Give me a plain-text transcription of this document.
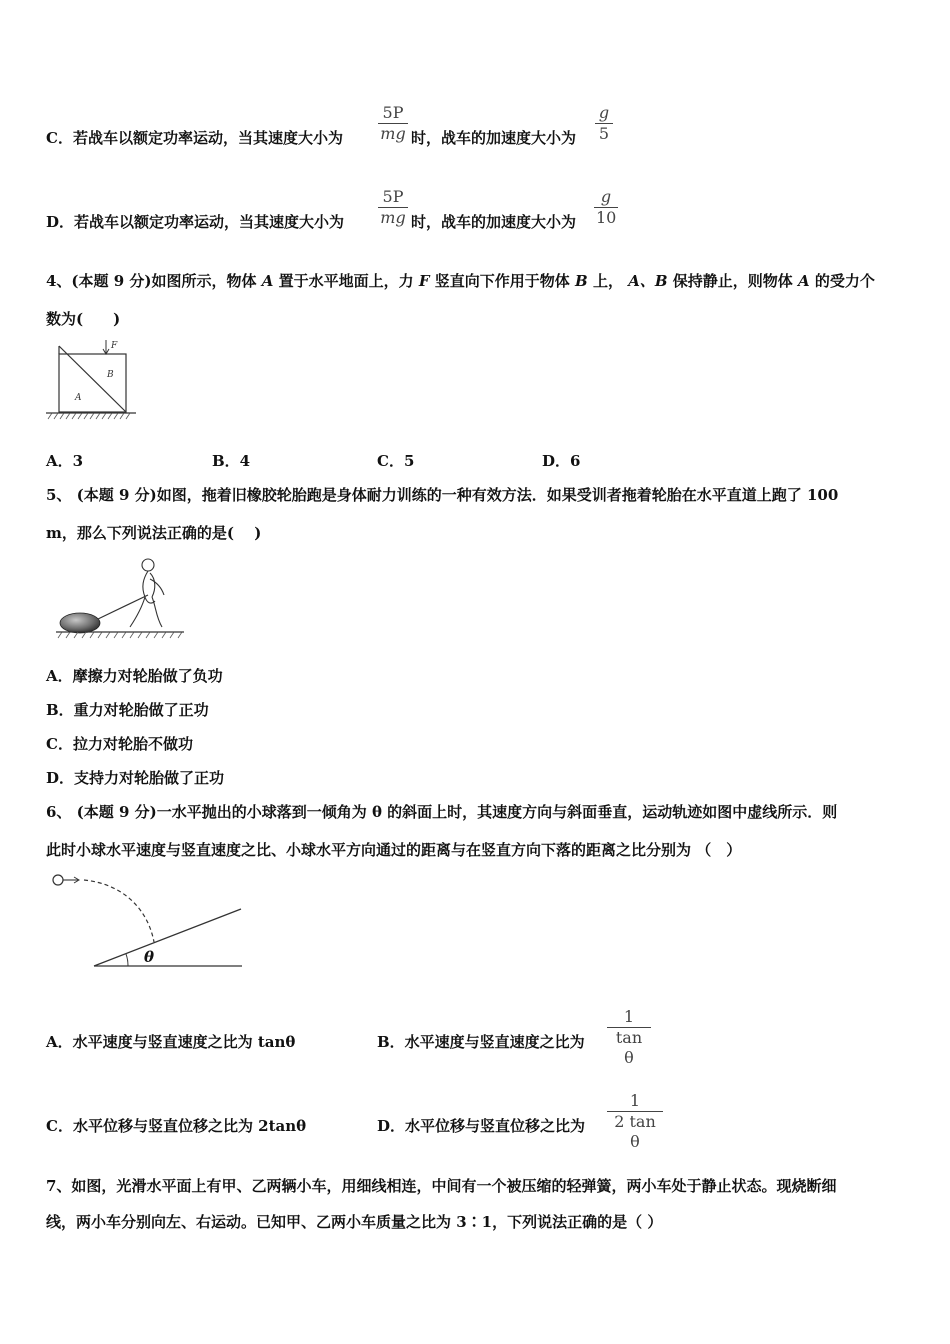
C．若战车以额定功率运动，当其速度大小为 $\frac{5P}{mg}$ 时，战车的加速度大小为 $\frac{g}{5}$
D．若战车以额定功率运动，当其速度大小为 $\frac{5P}{mg}$ 时，战车的加速度大小为 $\frac{g}{10}$
4、(本题 9 分)如图所示，物体 A 置于水平地面上，力 F 竖直向下作用于物体 B 上， A、B 保持静止，则物体 A 的受力个
数为(　　)
F
B
A
A．3	B．4	C．5	D．6
5、 (本题 9 分)如图，拖着旧橡胶轮胎跑是身体耐力训练的一种有效方法．如果受训者拖着轮胎在水平直道上跑了 100
m，那么下列说法正确的是(　 )
A．摩擦力对轮胎做了负功
B．重力对轮胎做了正功
C．拉力对轮胎不做功
D．支持力对轮胎做了正功
6、 (本题 9 分)一水平抛出的小球落到一倾角为 θ 的斜面上时，其速度方向与斜面垂直，运动轨迹如图中虚线所示．则
此时小球水平速度与竖直速度之比、小球水平方向通过的距离与在竖直方向下落的距离之比分别为 （　）
θ
A．水平速度与竖直速度之比为 tanθ	B．水平速度与竖直速度之比为 $\frac{1}{\text{tan θ}}$
C．水平位移与竖直位移之比为 2tanθ	D．水平位移与竖直位移之比为 $\frac{1}{\text{2 tan θ}}$
7、如图，光滑水平面上有甲、乙两辆小车，用细线相连，中间有一个被压缩的轻弹簧，两小车处于静止状态。现烧断细
线，两小车分别向左、右运动。已知甲、乙两小车质量之比为 3∶1，下列说法正确的是（ ）
